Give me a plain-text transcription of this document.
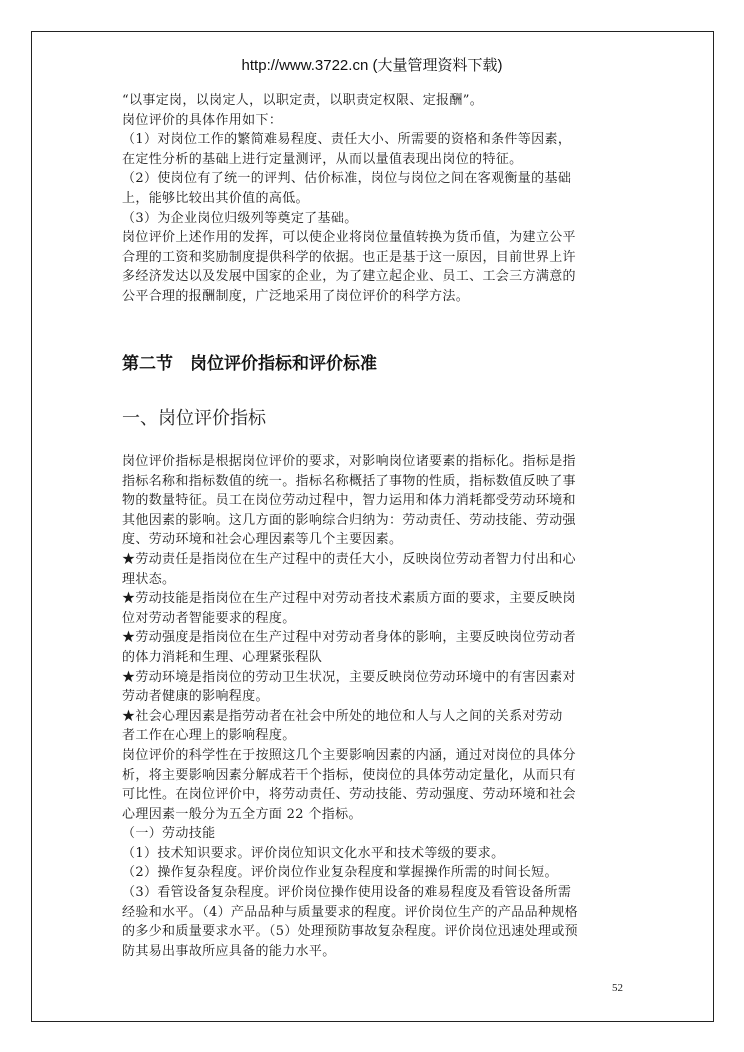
http://www.3722.cn (大量管理资料下载)

“以事定岗，以岗定人，以职定责，以职责定权限、定报酬”。

岗位评价的具体作用如下：

（1）对岗位工作的繁简难易程度、责任大小、所需要的资格和条件等因素，

在定性分析的基础上进行定量测评，从而以量值表现出岗位的特征。

（2）使岗位有了统一的评判、估价标准，岗位与岗位之间在客观衡量的基础

上，能够比较出其价值的高低。

（3）为企业岗位归级列等奠定了基础。

岗位评价上述作用的发挥，可以使企业将岗位量值转换为货币值，为建立公平

合理的工资和奖励制度提供科学的依据。也正是基于这一原因，目前世界上许

多经济发达以及发展中国家的企业，为了建立起企业、员工、工会三方满意的

公平合理的报酬制度，广泛地采用了岗位评价的科学方法。

第二节　岗位评价指标和评价标准
一、岗位评价指标

岗位评价指标是根据岗位评价的要求，对影响岗位诸要素的指标化。指标是指

指标名称和指标数值的统一。指标名称概括了事物的性质，指标数值反映了事

物的数量特征。员工在岗位劳动过程中，智力运用和体力消耗都受劳动环境和

其他因素的影响。这几方面的影响综合归纳为：劳动责任、劳动技能、劳动强

度、劳动环境和社会心理因素等几个主要因素。

★劳动责任是指岗位在生产过程中的责任大小，反映岗位劳动者智力付出和心

理状态。

★劳动技能是指岗位在生产过程中对劳动者技术素质方面的要求，主要反映岗

位对劳动者智能要求的程度。

★劳动强度是指岗位在生产过程中对劳动者身体的影响，主要反映岗位劳动者

的体力消耗和生理、心理紧张程队

★劳动环境是指岗位的劳动卫生状况，主要反映岗位劳动环境中的有害因素对

劳动者健康的影响程度。

★社会心理因素是指劳动者在社会中所处的地位和人与人之间的关系对劳动

者工作在心理上的影响程度。

岗位评价的科学性在于按照这几个主要影响因素的内涵，通过对岗位的具体分

析，将主要影响因素分解成若干个指标，使岗位的具体劳动定量化，从而只有

可比性。在岗位评价中，将劳动责任、劳动技能、劳动强度、劳动环境和社会

心理因素一般分为五全方面 22 个指标。

（一）劳动技能

（1）技术知识要求。评价岗位知识文化水平和技术等级的要求。

（2）操作复杂程度。评价岗位作业复杂程度和掌握操作所需的时间长短。

（3）看管设备复杂程度。评价岗位操作使用设备的难易程度及看管设备所需

经验和水平。（4）产品品种与质量要求的程度。评价岗位生产的产品品种规格

的多少和质量要求水平。（5）处理预防事故复杂程度。评价岗位迅速处理或预

防其易出事故所应具备的能力水平。

52
